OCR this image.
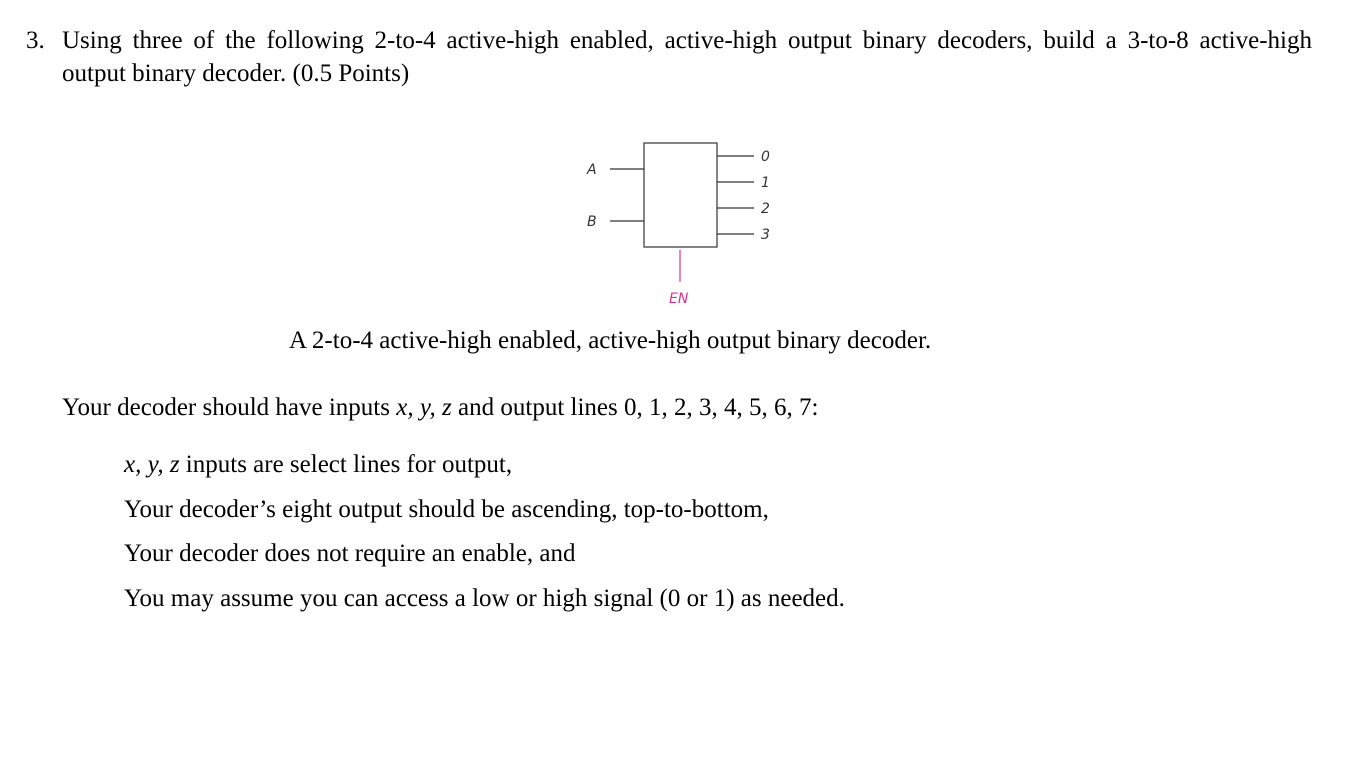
3. Using three of the following 2-to-4 active-high enabled, active-high output binary decoders, build a 3-to-8 active-high output binary decoder. (0.5 Points)

A
B
0
1
2
3
EN

A 2-to-4 active-high enabled, active-high output binary decoder.

Your decoder should have inputs x, y, z and output lines 0, 1, 2, 3, 4, 5, 6, 7:

x, y, z inputs are select lines for output,
Your decoder’s eight output should be ascending, top-to-bottom,
Your decoder does not require an enable, and
You may assume you can access a low or high signal (0 or 1) as needed.
